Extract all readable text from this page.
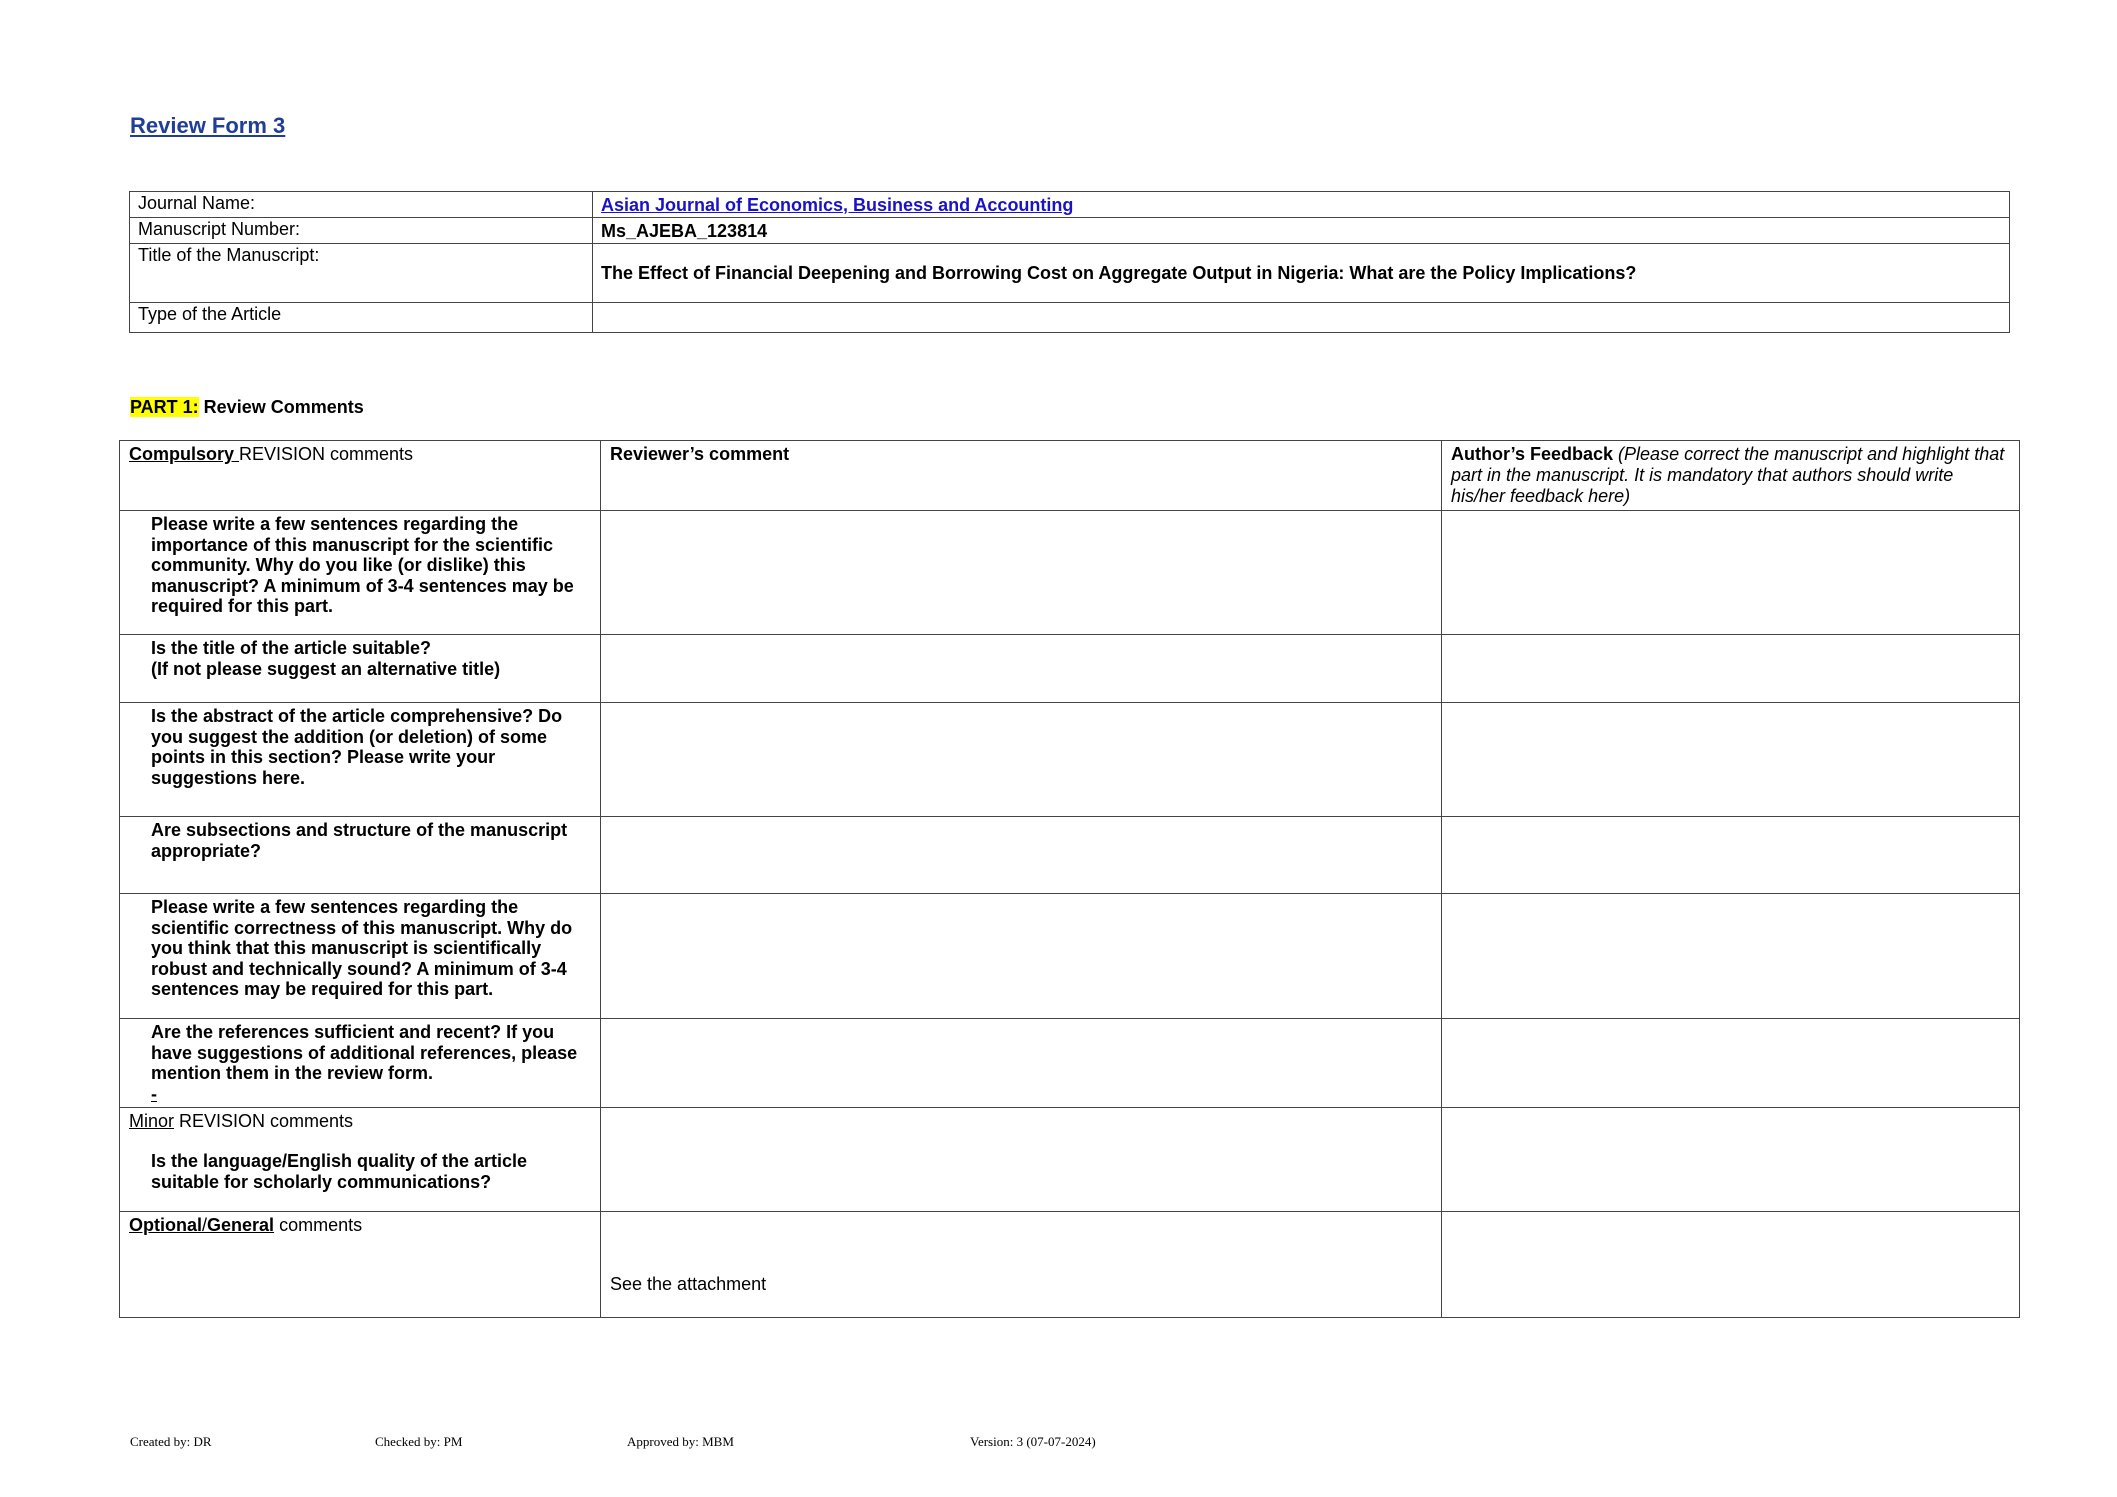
Review Form 3
Journal Name:	Asian Journal of Economics, Business and Accounting
Manuscript Number:	Ms_AJEBA_123814
Title of the Manuscript:	The Effect of Financial Deepening and Borrowing Cost on Aggregate Output in Nigeria: What are the Policy Implications?
Type of the Article	
PART 1: Review Comments
Compulsory REVISION comments	Reviewer’s comment	Author’s Feedback (Please correct the manuscript and highlight that part in the manuscript. It is mandatory that authors should write his/her feedback here)

Please write a few sentences regarding the importance of this manuscript for the scientific community. Why do you like (or dislike) this manuscript? A minimum of 3-4 sentences may be required for this part.		

Is the title of the article suitable?
(If not please suggest an alternative title)		

Is the abstract of the article comprehensive? Do you suggest the addition (or deletion) of some points in this section? Please write your suggestions here.		

Are subsections and structure of the manuscript appropriate?		

Please write a few sentences regarding the scientific correctness of this manuscript. Why do you think that this manuscript is scientifically robust and technically sound? A minimum of 3-4 sentences may be required for this part.		

Are the references sufficient and recent? If you have suggestions of additional references, please mention them in the review form.
-		

Minor REVISION comments
Is the language/English quality of the article suitable for scholarly communications?		

Optional/General comments	See the attachment	
Created by: DR	Checked by: PM	Approved by: MBM	Version: 3 (07-07-2024)
